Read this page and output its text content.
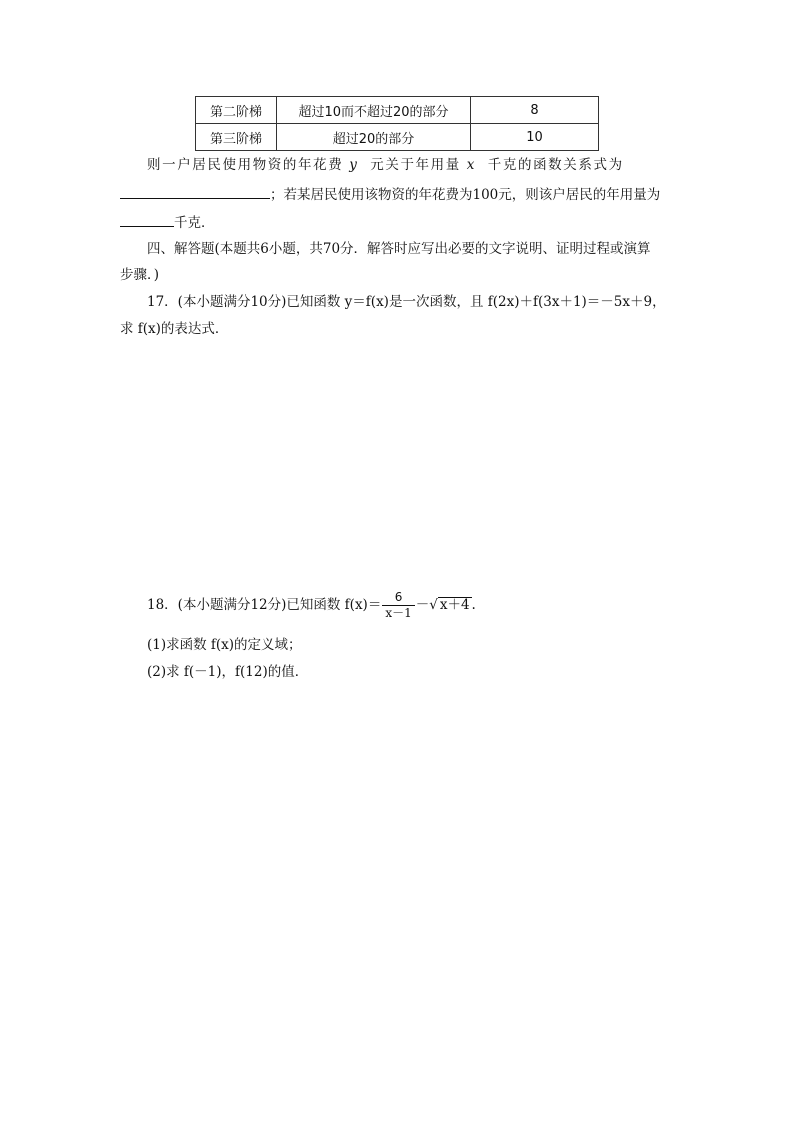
第二阶梯	超过10而不超过20的部分	8
第三阶梯	超过20的部分	10
则一户居民使用物资的年花费 y 元关于年用量 x 千克的函数关系式为
；若某居民使用该物资的年花费为100元，则该户居民的年用量为
千克．
四、解答题(本题共6小题，共70分．解答时应写出必要的文字说明、证明过程或演算
步骤．)
17．(本小题满分10分)已知函数 y＝f(x)是一次函数，且 f(2x)＋f(3x＋1)＝－5x＋9，
求 f(x)的表达式．
18．(本小题满分12分)已知函数 $f(x)= \frac{6}{x-1}$ －√ x＋4 .
(1)求函数 f(x)的定义域；
(2)求 f(－1)，f(12)的值．
